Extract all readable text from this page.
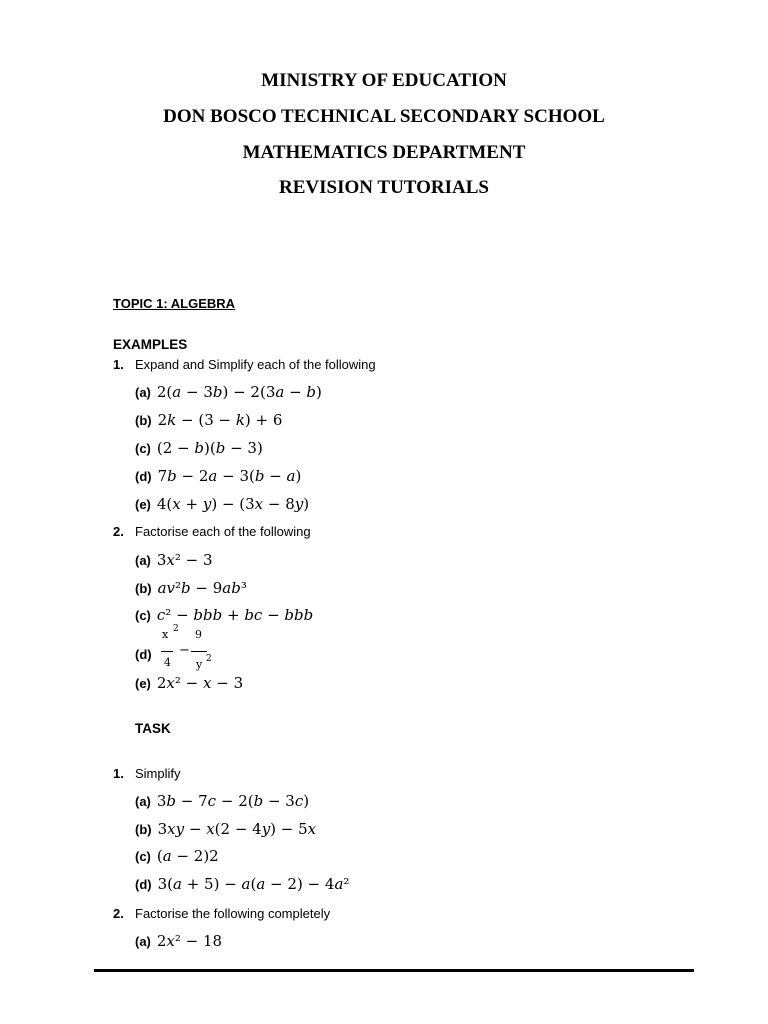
MINISTRY OF EDUCATION
DON BOSCO TECHNICAL SECONDARY SCHOOL
MATHEMATICS DEPARTMENT
REVISION TUTORIALS
TOPIC 1: ALGEBRA
EXAMPLES
1. Expand and Simplify each of the following
(a) 2(𝑎 − 3𝑏) − 2(3𝑎 − 𝑏)
(b) 2𝑘 − (3 − 𝑘) + 6
(c) (2 − 𝑏)(𝑏 − 3)
(d) 7𝑏 − 2𝑎 − 3(𝑏 − 𝑎)
(e) 4(𝑥 + 𝑦) − (3𝑥 − 8𝑦)
2. Factorise each of the following
(a) 3𝑥² − 3
(b) 𝑎𝑣²𝑏 − 9𝑎𝑏³
(c) 𝑐² − 𝑏𝑏𝑏 + 𝑏𝑐 − 𝑏𝑏𝑏
(d)
x 2
4
−
9
y 2
(e) 2𝑥² − 𝑥 − 3
TASK
1. Simplify
(a) 3𝑏 − 7𝑐 − 2(𝑏 − 3𝑐)
(b) 3𝑥𝑦 − 𝑥(2 − 4𝑦) − 5𝑥
(c) (𝑎 − 2)2
(d) 3(𝑎 + 5) − 𝑎(𝑎 − 2) − 4𝑎²
2. Factorise the following completely
(a) 2𝑥² − 18
